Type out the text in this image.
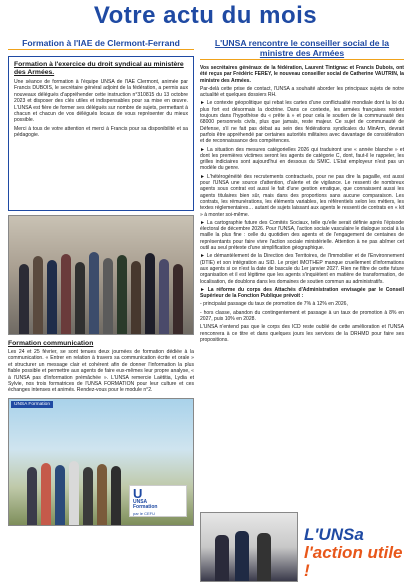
Votre actu du mois
Formation à l'IAE de Clermont-Ferrand
Formation à l'exercice du droit syndical au ministère des Armées.

Une séance de formation à l'équipe UNSA de l'IAE Clermont, animée par Francis DUBOIS, le secrétaire général adjoint de la fédération, a permis aux nouveaux délégués d'appréhender cette instruction n°310815 du 13 octobre 2023 et disposer des clés utiles et indispensables pour sa mise en œuvre. L'UNSA est fière de former ses délégués sur nombre de sujets, permettant à chacun et chacun de vos délégués locaux de vous représenter du mieux possible.

Merci à tous de votre attention et merci à Francis pour sa disponibilité et sa pédagogie.

Formation communication

Les 24 et 25 février, se sont tenues deux journées de formation dédiée à la communication. « Entrer en relation à travers sa communication écrite et orale » et structurer un message clair et cohérent afin de donner l'information la plus fiable possible et permettre aux agents de faire eux-mêmes leur propre analyse, « à l'UNSA pas d'information prémâchée ». L'UNSA remercie Laëtitia, Lydia et Sylvie, nos trois formatrices de l'UNSA FORMATION pour leur culture et ces échanges intenses et animés. Rendez-vous pour le module n°2.

UNSA Formation
U
UNSA
Formation
par le CEFU
L'UNSA rencontre le conseiller social de la ministre des Armées

Vos secrétaires généraux de la fédération, Laurent Tintignac et Francis Dubois, ont été reçus par Frédéric FEREY, le nouveau conseiller social de Catherine VAUTRIN, la ministre des Armées.

Par-delà cette prise de contact, l'UNSA a souhaité aborder les principaux sujets de notre actualité et quelques dossiers RH.

► Le contexte géopolitique qui rebat les cartes d'une conflictualité mondiale dont la loi du plus fort est désormais la doctrine. Dans ce contexte, les armées françaises restent toujours dans l'hypothèse du « prête à » et pour cela le soutien de la communauté des 68000 personnels civils, plus que jamais, reste majeur. Ce sujet de communauté de Défense, s'il ne fait pas débat au sein des fédérations syndicales du MinArm, devrait parfois être appréhendé par certaines autorités militaires avec davantage de considération et de reconnaissance des compétences.

► La situation des mesures catégorielles 2026 qui traduiront une « année blanche » et dont les premières victimes seront les agents de catégorie C, dont, faut-il le rappeler, les grilles indiciaires sont aujourd'hui en dessous du SMIC. L'Etat employeur n'est pas un modèle du genre.

► L'hétérogénéité des recrutements contractuels, pour ne pas dire la pagaille, est aussi pour l'UNSA une source d'attention, d'alerte et de vigilance. Le ressenti de nombreux agents sous contrat est aussi le fait d'une gestion erratique, que connaissent aussi les agents titulaires bien sûr, mais dans des proportions sans aucune comparaison. Les contrats, les rémunérations, les éléments variables, les référentiels selon les métiers, les textes réglementaires… autant de sujets laissant aux agents le ressenti de contrats en « kit » à monter soi-même.

► La cartographie future des Comités Sociaux, telle qu'elle serait définie après l'épisode électoral de décembre 2026. Pour l'UNSA, l'action sociale vasculaire le dialogue social à la maille la plus fine : celle du quotidien des agents et de l'engagement de centaines de représentants pour faire vivre l'action sociale ministérielle. Attention à ne pas abîmer cet outil au seul prétexte d'une simplification géographique.

► Le démantèlement de la Direction des Territoires, de l'Immobilier et de l'Environnement (DTIE) et son intégration au SID. Le projet IMOTHEP manque cruellement d'informations aux agents si ce n'est la date de bascule du 1er janvier 2027. Rien ne filtre de cette future organisation et il est légitime que les agents s'inquiètent en matière de transformation, de localisation, de doublons dans les domaines de soutien commun au administratifs.

► La réforme du corps des Attachés d'Administration envisagée par le Conseil Supérieur de la Fonction Publique prévoit :

- principalat passage du taux de promotion de 7% à 12% en 2026,

- hors classe, abandon du contingentement et passage à un taux de promotion à 8% en 2027, puis 10% en 2028.

L'UNSA n'entend pas que le corps des ICD reste oublié de cette amélioration et l'UNSA renconrera à ce titre et dans quelques jours les services de la DRHMD pour faire ses propositions.

L'UNSa
l'action utile !
